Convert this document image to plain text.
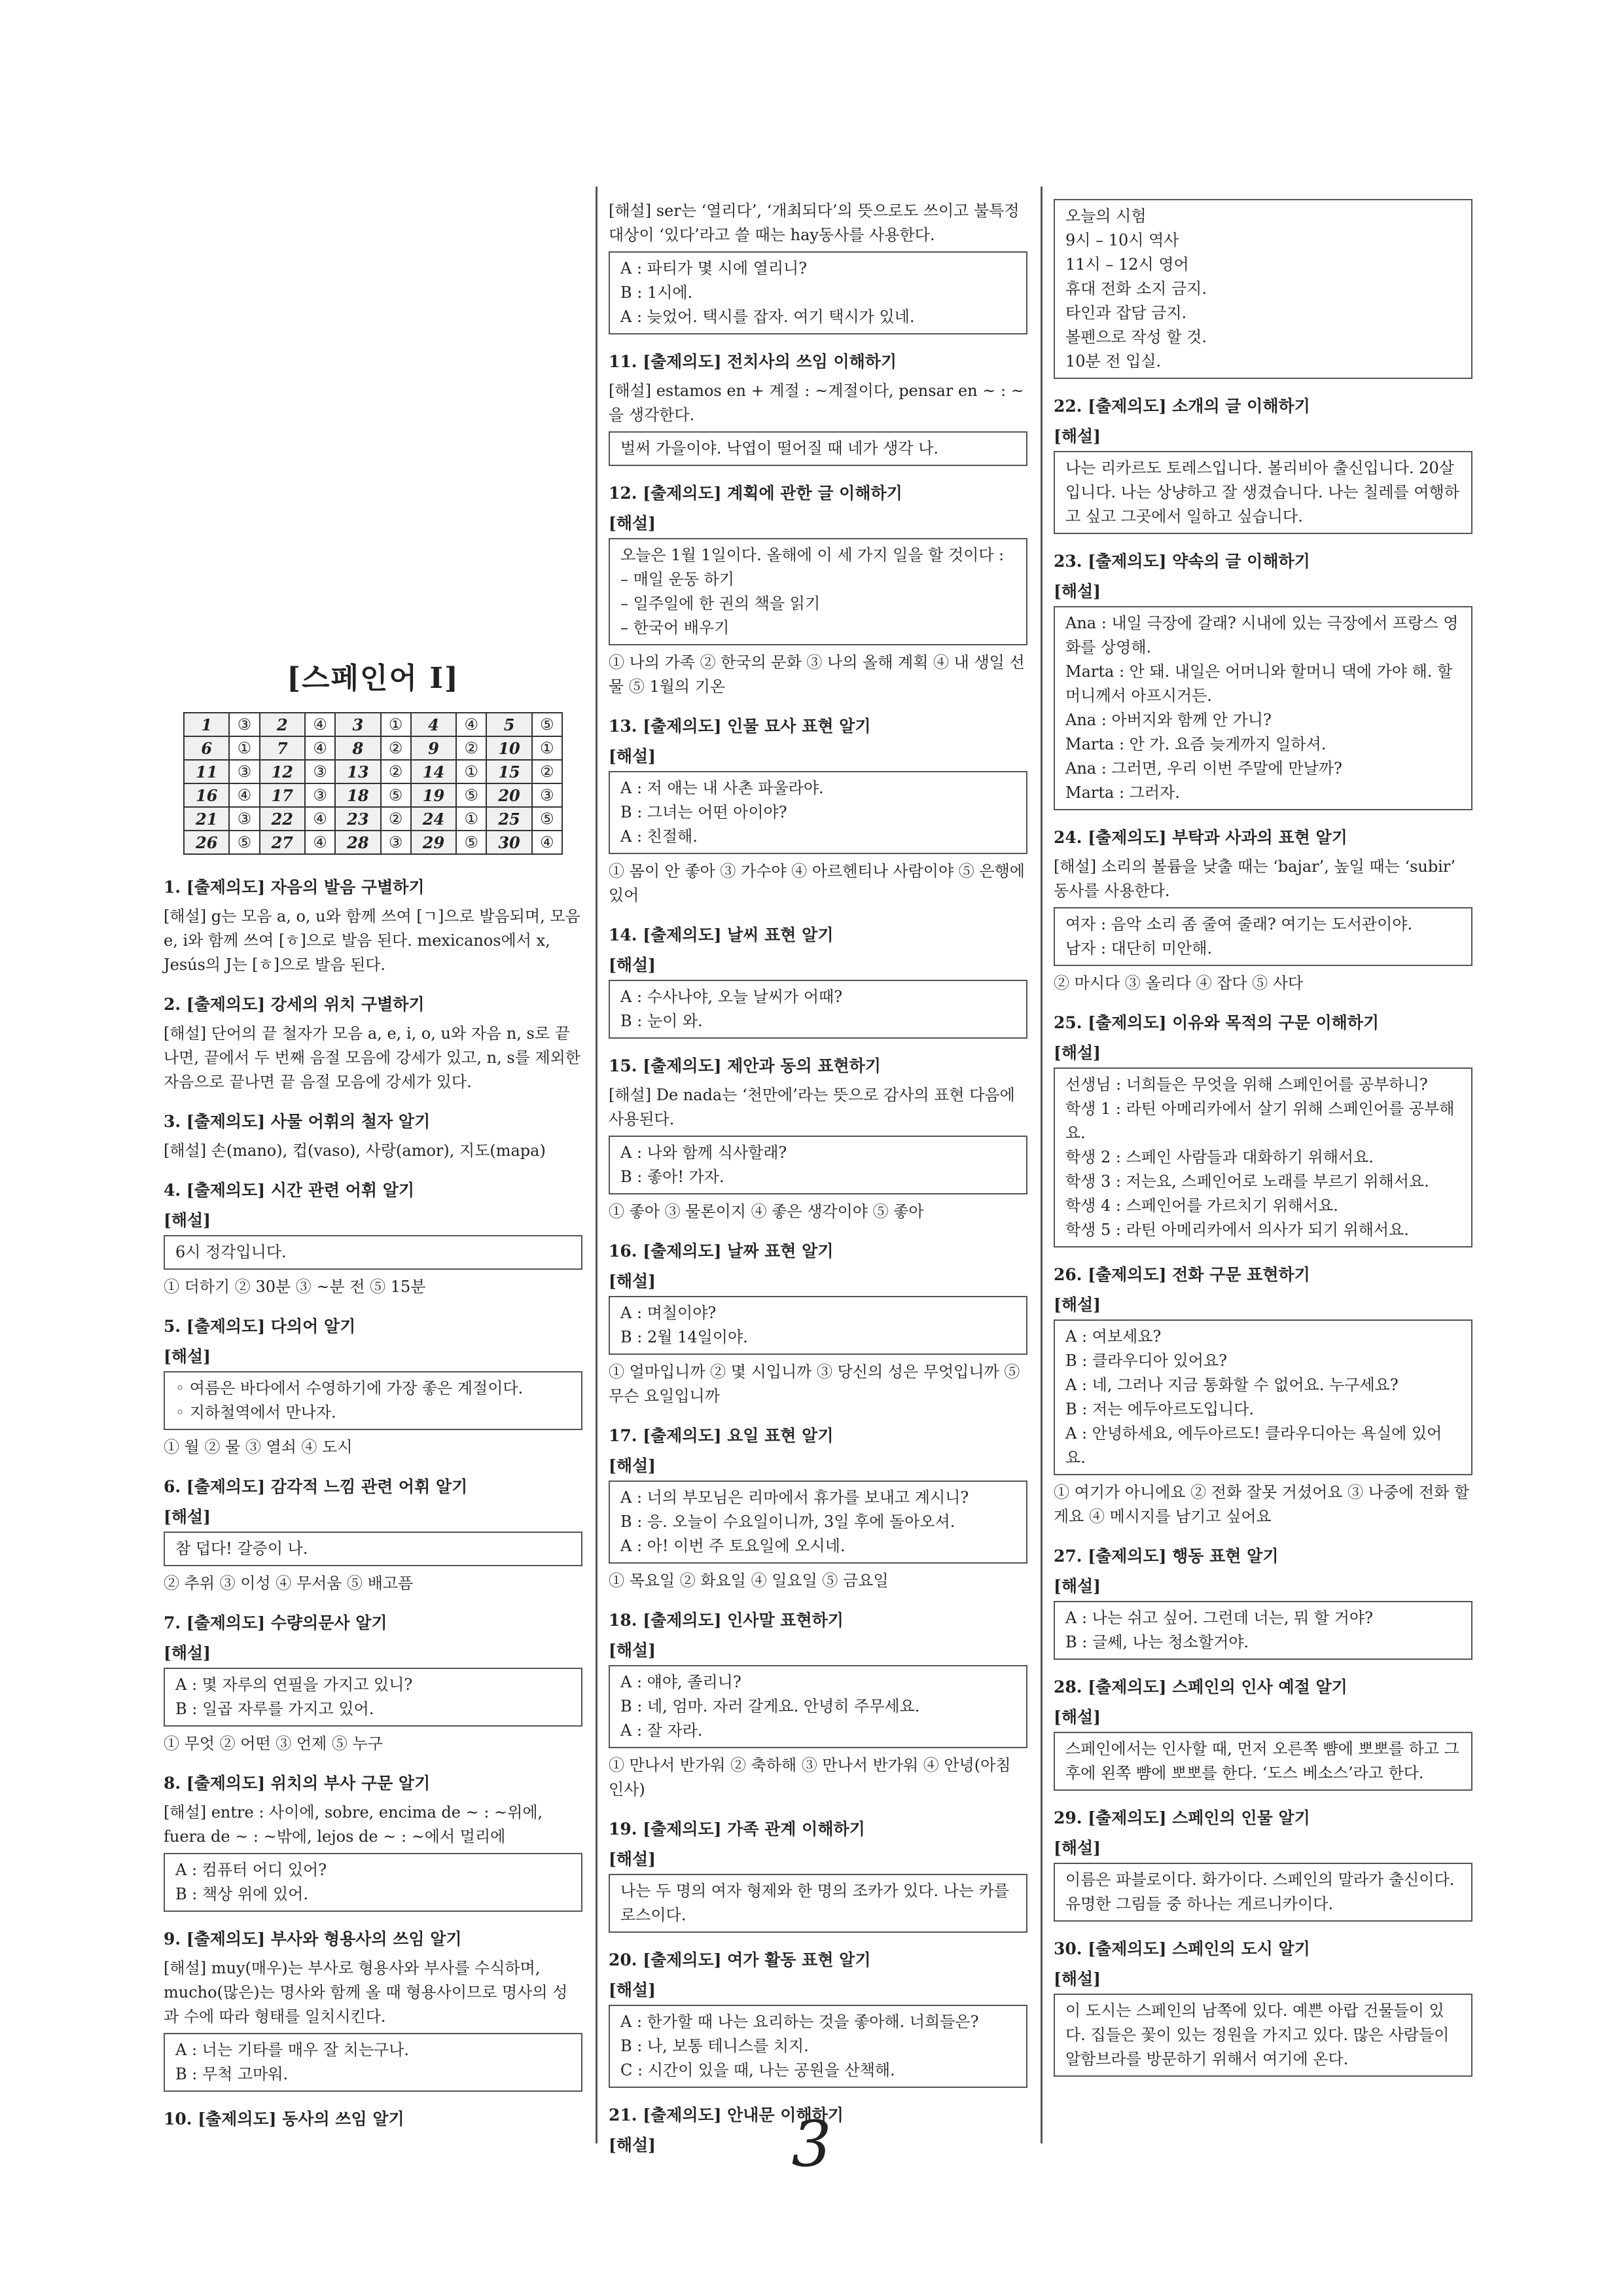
[스페인어 Ⅰ]
1	③	2	④	3	①	4	④	5	⑤
6	①	7	④	8	②	9	②	10	①
11	③	12	③	13	②	14	①	15	②
16	④	17	③	18	⑤	19	⑤	20	③
21	③	22	④	23	②	24	①	25	⑤
26	⑤	27	④	28	③	29	⑤	30	④
1. [출제의도] 자음의 발음 구별하기
[해설] g는 모음 a, o, u와 함께 쓰여 [ㄱ]으로 발음되며, 모음 e, i와 함께 쓰여 [ㅎ]으로 발음 된다. mexicanos에서 x, Jesús의 J는 [ㅎ]으로 발음 된다.
2. [출제의도] 강세의 위치 구별하기
[해설] 단어의 끝 철자가 모음 a, e, i, o, u와 자음 n, s로 끝나면, 끝에서 두 번째 음절 모음에 강세가 있고, n, s를 제외한 자음으로 끝나면 끝 음절 모음에 강세가 있다.
3. [출제의도] 사물 어휘의 철자 알기
[해설] 손(mano), 컵(vaso), 사랑(amor), 지도(mapa)
4. [출제의도] 시간 관련 어휘 알기
[해설]
6시 정각입니다.
① 더하기 ② 30분 ③ ~분 전 ⑤ 15분
5. [출제의도] 다의어 알기
[해설]
◦ 여름은 바다에서 수영하기에 가장 좋은 계절이다.
◦ 지하철역에서 만나자.
① 월 ② 물 ③ 열쇠 ④ 도시
6. [출제의도] 감각적 느낌 관련 어휘 알기
[해설]
참 덥다! 갈증이 나.
② 추위 ③ 이성 ④ 무서움 ⑤ 배고픔
7. [출제의도] 수량의문사 알기
[해설]
A : 몇 자루의 연필을 가지고 있니?
B : 일곱 자루를 가지고 있어.
① 무엇 ② 어떤 ③ 언제 ⑤ 누구
8. [출제의도] 위치의 부사 구문 알기
[해설] entre : 사이에, sobre, encima de ~ : ~위에, fuera de ~ : ~밖에, lejos de ~ : ~에서 멀리에
A : 컴퓨터 어디 있어?
B : 책상 위에 있어.
9. [출제의도] 부사와 형용사의 쓰임 알기
[해설] muy(매우)는 부사로 형용사와 부사를 수식하며, mucho(많은)는 명사와 함께 올 때 형용사이므로 명사의 성과 수에 따라 형태를 일치시킨다.
A : 너는 기타를 매우 잘 치는구나.
B : 무척 고마워.
10. [출제의도] 동사의 쓰임 알기
[해설] ser는 ‘열리다’, ‘개최되다’의 뜻으로도 쓰이고 불특정 대상이 ‘있다’라고 쓸 때는 hay동사를 사용한다.
A : 파티가 몇 시에 열리니?
B : 1시에.
A : 늦었어. 택시를 잡자. 여기 택시가 있네.
11. [출제의도] 전치사의 쓰임 이해하기
[해설] estamos en + 계절 : ~계절이다, pensar en ~ : ~을 생각한다.
벌써 가을이야. 낙엽이 떨어질 때 네가 생각 나.
12. [출제의도] 계획에 관한 글 이해하기
[해설]
오늘은 1월 1일이다. 올해에 이 세 가지 일을 할 것이다 :
– 매일 운동 하기
– 일주일에 한 권의 책을 읽기
– 한국어 배우기
① 나의 가족 ② 한국의 문화 ③ 나의 올해 계획 ④ 내 생일 선물 ⑤ 1월의 기온
13. [출제의도] 인물 묘사 표현 알기
[해설]
A : 저 애는 내 사촌 파울라야.
B : 그녀는 어떤 아이야?
A : 친절해.
① 몸이 안 좋아 ③ 가수야 ④ 아르헨티나 사람이야 ⑤ 은행에 있어
14. [출제의도] 날씨 표현 알기
[해설]
A : 수사나야, 오늘 날씨가 어때?
B : 눈이 와.
15. [출제의도] 제안과 동의 표현하기
[해설] De nada는 ‘천만에’라는 뜻으로 감사의 표현 다음에 사용된다.
A : 나와 함께 식사할래?
B : 좋아! 가자.
① 좋아 ③ 물론이지 ④ 좋은 생각이야 ⑤ 좋아
16. [출제의도] 날짜 표현 알기
[해설]
A : 며칠이야?
B : 2월 14일이야.
① 얼마입니까 ② 몇 시입니까 ③ 당신의 성은 무엇입니까 ⑤ 무슨 요일입니까
17. [출제의도] 요일 표현 알기
[해설]
A : 너의 부모님은 리마에서 휴가를 보내고 계시니?
B : 응. 오늘이 수요일이니까, 3일 후에 돌아오셔.
A : 아! 이번 주 토요일에 오시네.
① 목요일 ② 화요일 ④ 일요일 ⑤ 금요일
18. [출제의도] 인사말 표현하기
[해설]
A : 얘야, 졸리니?
B : 네, 엄마. 자러 갈게요. 안녕히 주무세요.
A : 잘 자라.
① 만나서 반가워 ② 축하해 ③ 만나서 반가워 ④ 안녕(아침 인사)
19. [출제의도] 가족 관계 이해하기
[해설]
나는 두 명의 여자 형제와 한 명의 조카가 있다. 나는 카를로스이다.
20. [출제의도] 여가 활동 표현 알기
[해설]
A : 한가할 때 나는 요리하는 것을 좋아해. 너희들은?
B : 나, 보통 테니스를 치지.
C : 시간이 있을 때, 나는 공원을 산책해.
21. [출제의도] 안내문 이해하기
[해설]
오늘의 시험
9시 – 10시 역사
11시 – 12시 영어
휴대 전화 소지 금지.
타인과 잡담 금지.
볼펜으로 작성 할 것.
10분 전 입실.
22. [출제의도] 소개의 글 이해하기
[해설]
나는 리카르도 토레스입니다. 볼리비아 출신입니다. 20살입니다. 나는 상냥하고 잘 생겼습니다. 나는 칠레를 여행하고 싶고 그곳에서 일하고 싶습니다.
23. [출제의도] 약속의 글 이해하기
[해설]
Ana : 내일 극장에 갈래? 시내에 있는 극장에서 프랑스 영화를 상영해.
Marta : 안 돼. 내일은 어머니와 할머니 댁에 가야 해. 할머니께서 아프시거든.
Ana : 아버지와 함께 안 가니?
Marta : 안 가. 요즘 늦게까지 일하셔.
Ana : 그러면, 우리 이번 주말에 만날까?
Marta : 그러자.
24. [출제의도] 부탁과 사과의 표현 알기
[해설] 소리의 볼륨을 낮출 때는 ‘bajar’, 높일 때는 ‘subir’ 동사를 사용한다.
여자 : 음악 소리 좀 줄여 줄래? 여기는 도서관이야.
남자 : 대단히 미안해.
② 마시다 ③ 올리다 ④ 잡다 ⑤ 사다
25. [출제의도] 이유와 목적의 구문 이해하기
[해설]
선생님 : 너희들은 무엇을 위해 스페인어를 공부하니?
학생 1 : 라틴 아메리카에서 살기 위해 스페인어를 공부해요.
학생 2 : 스페인 사람들과 대화하기 위해서요.
학생 3 : 저는요, 스페인어로 노래를 부르기 위해서요.
학생 4 : 스페인어를 가르치기 위해서요.
학생 5 : 라틴 아메리카에서 의사가 되기 위해서요.
26. [출제의도] 전화 구문 표현하기
[해설]
A : 여보세요?
B : 클라우디아 있어요?
A : 네, 그러나 지금 통화할 수 없어요. 누구세요?
B : 저는 에두아르도입니다.
A : 안녕하세요, 에두아르도! 클라우디아는 욕실에 있어요.
① 여기가 아니에요 ② 전화 잘못 거셨어요 ③ 나중에 전화 할게요 ④ 메시지를 남기고 싶어요
27. [출제의도] 행동 표현 알기
[해설]
A : 나는 쉬고 싶어. 그런데 너는, 뭐 할 거야?
B : 글쎄, 나는 청소할거야.
28. [출제의도] 스페인의 인사 예절 알기
[해설]
스페인에서는 인사할 때, 먼저 오른쪽 뺨에 뽀뽀를 하고 그 후에 왼쪽 뺨에 뽀뽀를 한다. ‘도스 베소스’라고 한다.
29. [출제의도] 스페인의 인물 알기
[해설]
이름은 파블로이다. 화가이다. 스페인의 말라가 출신이다. 유명한 그림들 중 하나는 게르니카이다.
30. [출제의도] 스페인의 도시 알기
[해설]
이 도시는 스페인의 남쪽에 있다. 예쁜 아랍 건물들이 있다. 집들은 꽃이 있는 정원을 가지고 있다. 많은 사람들이 알함브라를 방문하기 위해서 여기에 온다.
3
